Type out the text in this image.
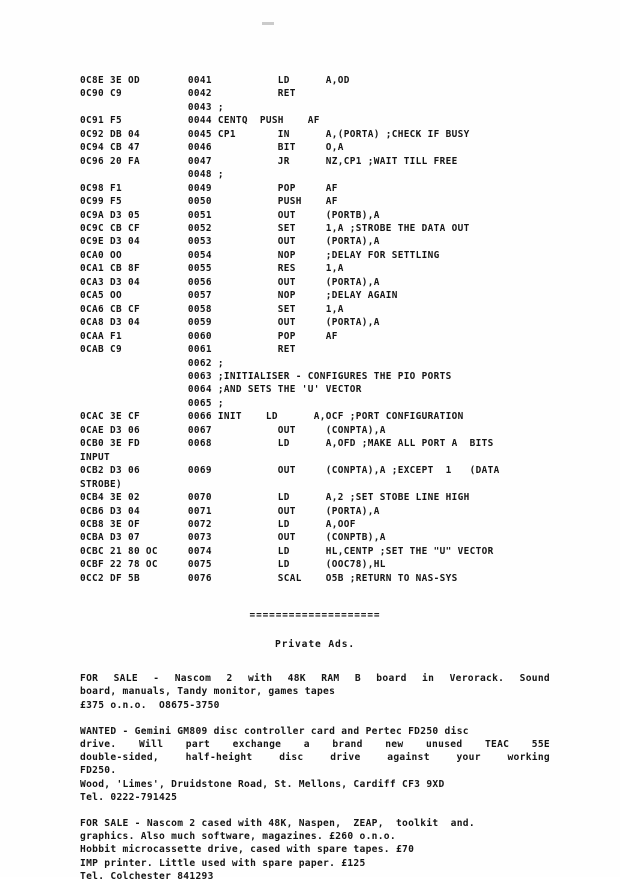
0C8E 3E OD        0041           LD      A,OD
0C90 C9           0042           RET
0043 ;
0C91 F5           0044 CENTQ  PUSH    AF
0C92 DB 04        0045 CP1       IN      A,(PORTA) ;CHECK IF BUSY
0C94 CB 47        0046           BIT     O,A
0C96 20 FA        0047           JR      NZ,CP1 ;WAIT TILL FREE
0048 ;
0C98 F1           0049           POP     AF
0C99 F5           0050           PUSH    AF
0C9A D3 05        0051           OUT     (PORTB),A
0C9C CB CF        0052           SET     1,A ;STROBE THE DATA OUT
0C9E D3 04        0053           OUT     (PORTA),A
0CA0 OO           0054           NOP     ;DELAY FOR SETTLING
0CA1 CB 8F        0055           RES     1,A
0CA3 D3 04        0056           OUT     (PORTA),A
0CA5 OO           0057           NOP     ;DELAY AGAIN
0CA6 CB CF        0058           SET     1,A
0CA8 D3 04        0059           OUT     (PORTA),A
0CAA F1           0060           POP     AF
0CAB C9           0061           RET
0062 ;
0063 ;INITIALISER - CONFIGURES THE PIO PORTS
0064 ;AND SETS THE 'U' VECTOR
0065 ;
0CAC 3E CF        0066 INIT    LD      A,OCF ;PORT CONFIGURATION
0CAE D3 06        0067           OUT     (CONPTA),A
0CB0 3E FD        0068           LD      A,OFD ;MAKE ALL PORT A  BITS
INPUT
0CB2 D3 06        0069           OUT     (CONPTA),A ;EXCEPT  1   (DATA
STROBE)
0CB4 3E 02        0070           LD      A,2 ;SET STOBE LINE HIGH
0CB6 D3 04        0071           OUT     (PORTA),A
0CB8 3E OF        0072           LD      A,OOF
0CBA D3 07        0073           OUT     (CONPTB),A
0CBC 21 80 OC     0074           LD      HL,CENTP ;SET THE "U" VECTOR
0CBF 22 78 OC     0075           LD      (OOC78),HL
0CC2 DF 5B        0076           SCAL    O5B ;RETURN TO NAS-SYS
====================
Private Ads.
FOR SALE - Nascom 2 with 48K RAM B board in Verorack. Sound
board, manuals, Tandy monitor, games tapes
£375 o.n.o.  O8675-3750
WANTED - Gemini GM809 disc controller card and Pertec FD250 disc
drive. Will part exchange a brand new unused TEAC 55E
double-sided, half-height disc drive against your working
FD250.
Wood, 'Limes', Druidstone Road, St. Mellons, Cardiff CF3 9XD
Tel. 0222-791425
FOR SALE - Nascom 2 cased with 48K, Naspen,  ZEAP,  toolkit  and.
graphics. Also much software, magazines. £260 o.n.o.
Hobbit microcassette drive, cased with spare tapes. £70
IMP printer. Little used with spare paper. £125
Tel. Colchester 841293
